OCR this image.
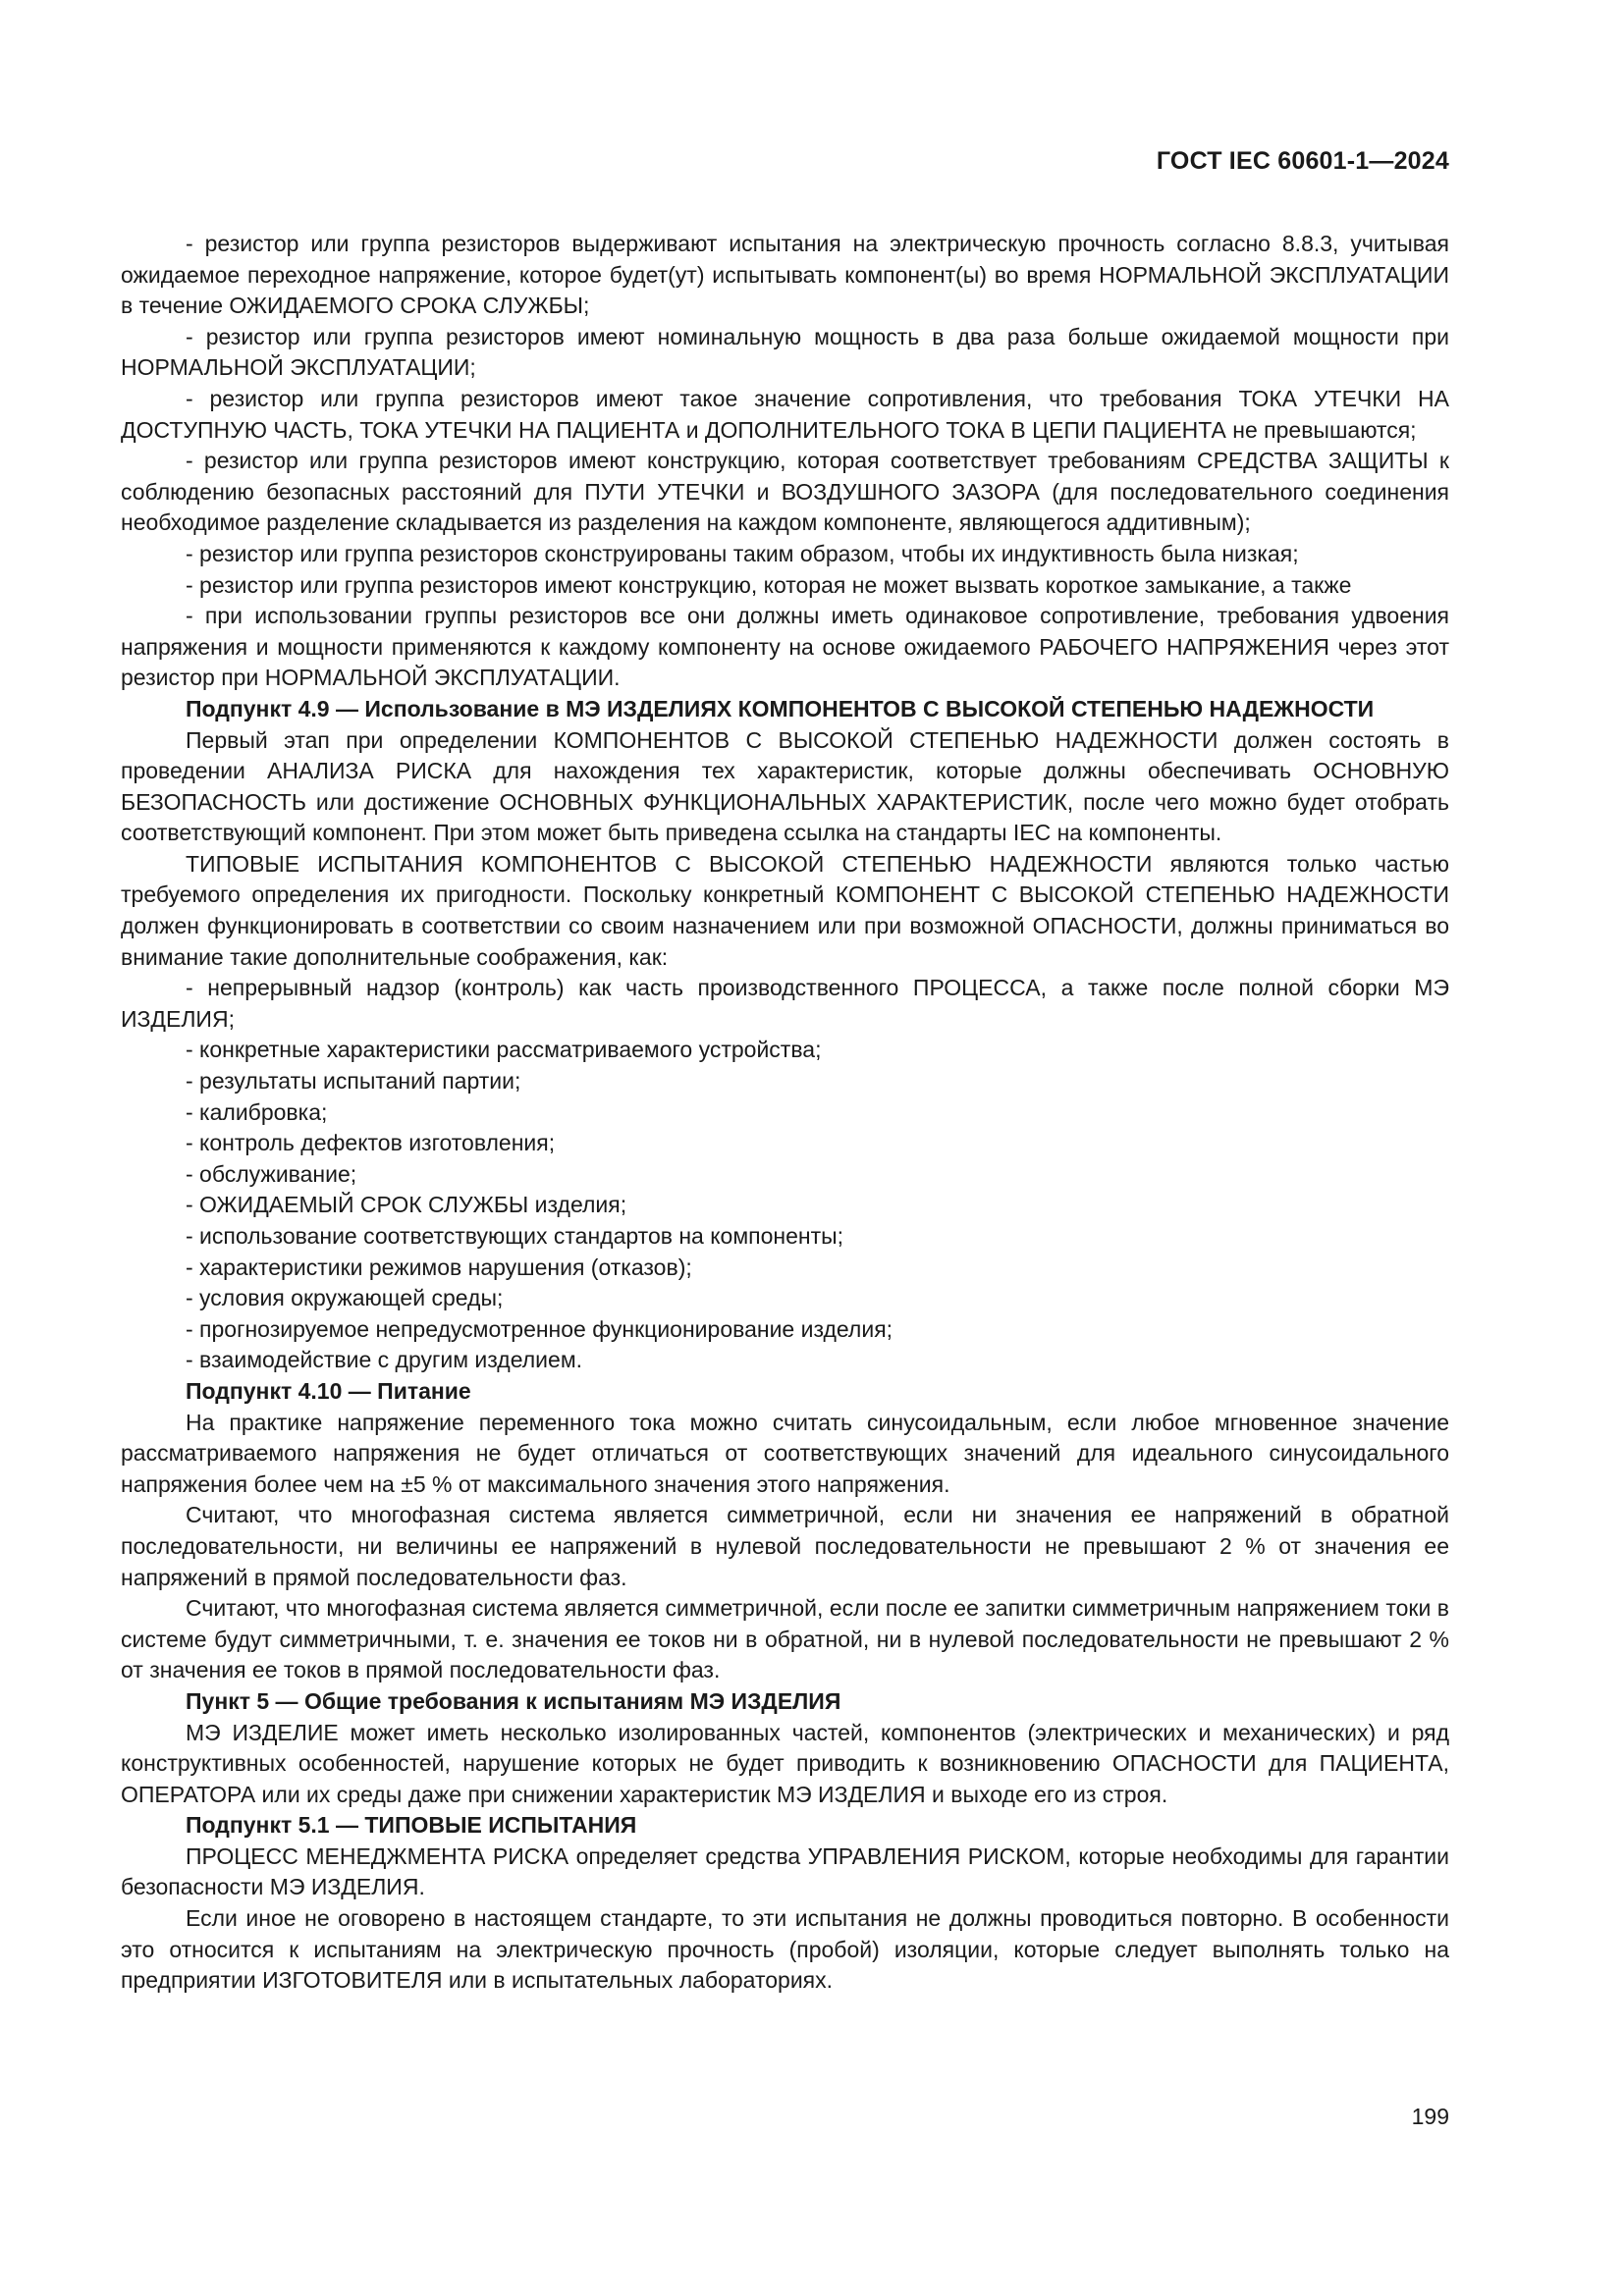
ГОСТ IEC 60601-1—2024

- резистор или группа резисторов выдерживают испытания на электрическую прочность согласно 8.8.3, учитывая ожидаемое переходное напряжение, которое будет(ут) испытывать компонент(ы) во время НОРМАЛЬНОЙ ЭКСПЛУАТАЦИИ в течение ОЖИДАЕМОГО СРОКА СЛУЖБЫ;

- резистор или группа резисторов имеют номинальную мощность в два раза больше ожидаемой мощности при НОРМАЛЬНОЙ ЭКСПЛУАТАЦИИ;

- резистор или группа резисторов имеют такое значение сопротивления, что требования ТОКА УТЕЧКИ НА ДОСТУПНУЮ ЧАСТЬ, ТОКА УТЕЧКИ НА ПАЦИЕНТА и ДОПОЛНИТЕЛЬНОГО ТОКА В ЦЕПИ ПАЦИЕНТА не превышаются;

- резистор или группа резисторов имеют конструкцию, которая соответствует требованиям СРЕДСТВА ЗАЩИТЫ к соблюдению безопасных расстояний для ПУТИ УТЕЧКИ и ВОЗДУШНОГО ЗАЗОРА (для последовательного соединения необходимое разделение складывается из разделения на каждом компоненте, являющегося аддитивным);

- резистор или группа резисторов сконструированы таким образом, чтобы их индуктивность была низкая;

- резистор или группа резисторов имеют конструкцию, которая не может вызвать короткое замыкание, а также

- при использовании группы резисторов все они должны иметь одинаковое сопротивление, требования удвоения напряжения и мощности применяются к каждому компоненту на основе ожидаемого РАБОЧЕГО НАПРЯЖЕНИЯ через этот резистор при НОРМАЛЬНОЙ ЭКСПЛУАТАЦИИ.

Подпункт 4.9 — Использование в МЭ ИЗДЕЛИЯХ КОМПОНЕНТОВ С ВЫСОКОЙ СТЕПЕНЬЮ НАДЕЖНОСТИ

Первый этап при определении КОМПОНЕНТОВ С ВЫСОКОЙ СТЕПЕНЬЮ НАДЕЖНОСТИ должен состоять в проведении АНАЛИЗА РИСКА для нахождения тех характеристик, которые должны обеспечивать ОСНОВНУЮ БЕЗОПАСНОСТЬ или достижение ОСНОВНЫХ ФУНКЦИОНАЛЬНЫХ ХАРАКТЕРИСТИК, после чего можно будет отобрать соответствующий компонент. При этом может быть приведена ссылка на стандарты IEC на компоненты.

ТИПОВЫЕ ИСПЫТАНИЯ КОМПОНЕНТОВ С ВЫСОКОЙ СТЕПЕНЬЮ НАДЕЖНОСТИ являются только частью требуемого определения их пригодности. Поскольку конкретный КОМПОНЕНТ С ВЫСОКОЙ СТЕПЕНЬЮ НАДЕЖНОСТИ должен функционировать в соответствии со своим назначением или при возможной ОПАСНОСТИ, должны приниматься во внимание такие дополнительные соображения, как:

- непрерывный надзор (контроль) как часть производственного ПРОЦЕССА, а также после полной сборки МЭ ИЗДЕЛИЯ;

- конкретные характеристики рассматриваемого устройства;

- результаты испытаний партии;

- калибровка;

- контроль дефектов изготовления;

- обслуживание;

- ОЖИДАЕМЫЙ СРОК СЛУЖБЫ изделия;

- использование соответствующих стандартов на компоненты;

- характеристики режимов нарушения (отказов);

- условия окружающей среды;

- прогнозируемое непредусмотренное функционирование изделия;

- взаимодействие с другим изделием.

Подпункт 4.10 — Питание

На практике напряжение переменного тока можно считать синусоидальным, если любое мгновенное значение рассматриваемого напряжения не будет отличаться от соответствующих значений для идеального синусоидального напряжения более чем на ±5 % от максимального значения этого напряжения.

Считают, что многофазная система является симметричной, если ни значения ее напряжений в обратной последовательности, ни величины ее напряжений в нулевой последовательности не превышают 2 % от значения ее напряжений в прямой последовательности фаз.

Считают, что многофазная система является симметричной, если после ее запитки симметричным напряжением токи в системе будут симметричными, т. е. значения ее токов ни в обратной, ни в нулевой последовательности не превышают 2 % от значения ее токов в прямой последовательности фаз.

Пункт 5 — Общие требования к испытаниям МЭ ИЗДЕЛИЯ

МЭ ИЗДЕЛИЕ может иметь несколько изолированных частей, компонентов (электрических и механических) и ряд конструктивных особенностей, нарушение которых не будет приводить к возникновению ОПАСНОСТИ для ПАЦИЕНТА, ОПЕРАТОРА или их среды даже при снижении характеристик МЭ ИЗДЕЛИЯ и выходе его из строя.

Подпункт 5.1 — ТИПОВЫЕ ИСПЫТАНИЯ

ПРОЦЕСС МЕНЕДЖМЕНТА РИСКА определяет средства УПРАВЛЕНИЯ РИСКОМ, которые необходимы для гарантии безопасности МЭ ИЗДЕЛИЯ.

Если иное не оговорено в настоящем стандарте, то эти испытания не должны проводиться повторно. В особенности это относится к испытаниям на электрическую прочность (пробой) изоляции, которые следует выполнять только на предприятии ИЗГОТОВИТЕЛЯ или в испытательных лабораториях.

199
